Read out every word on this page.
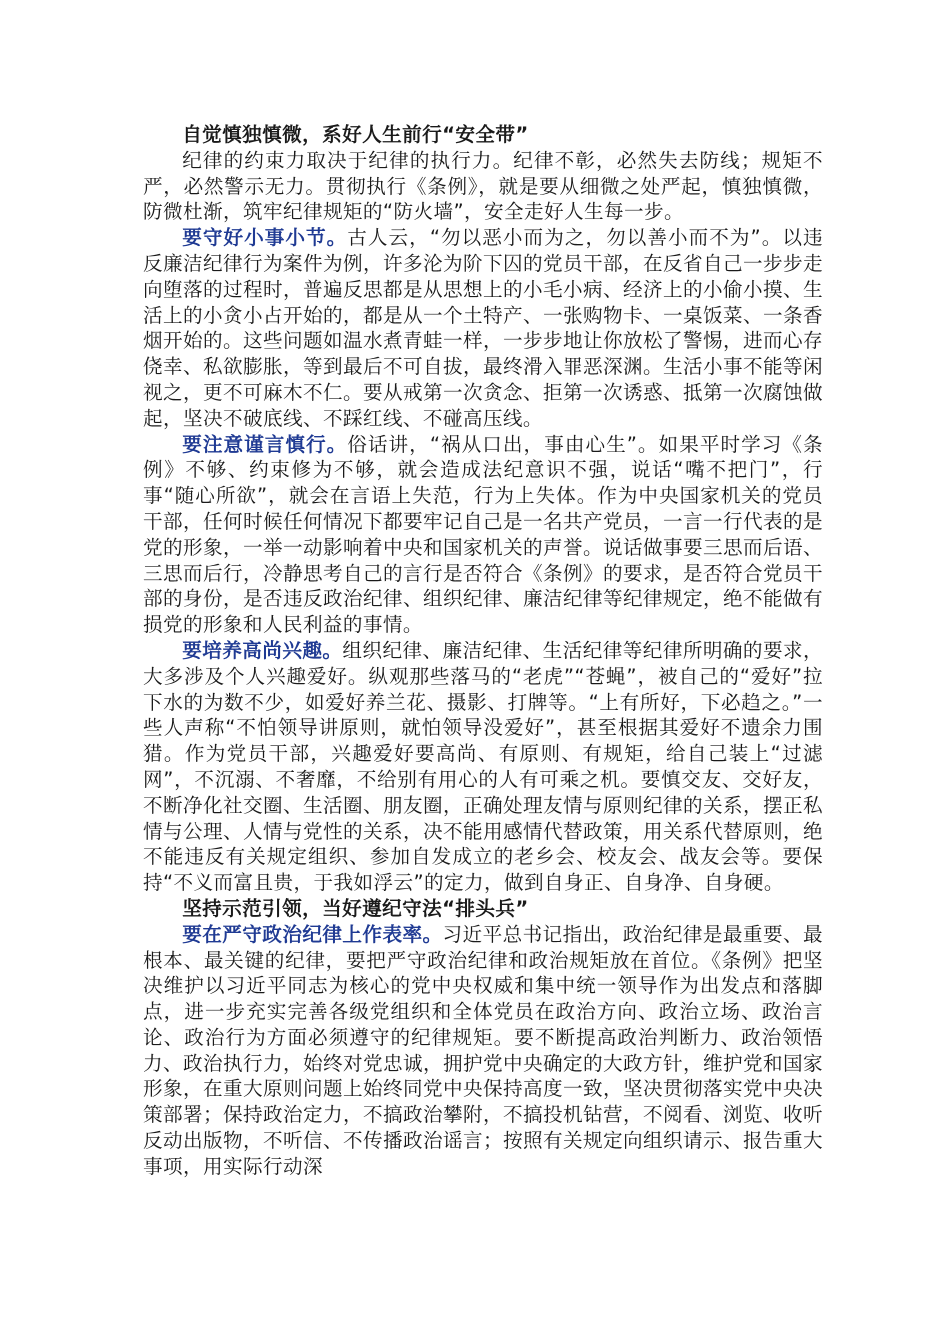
自觉慎独慎微，系好人生前行“安全带”

纪律的约束力取决于纪律的执行力。纪律不彰，必然失去防线；规矩不严，必然警示无力。贯彻执行《条例》，就是要从细微之处严起，慎独慎微，防微杜渐，筑牢纪律规矩的“防火墙”，安全走好人生每一步。

要守好小事小节。古人云，“勿以恶小而为之，勿以善小而不为”。以违反廉洁纪律行为案件为例，许多沦为阶下囚的党员干部，在反省自己一步步走向堕落的过程时，普遍反思都是从思想上的小毛小病、经济上的小偷小摸、生活上的小贪小占开始的，都是从一个土特产、一张购物卡、一桌饭菜、一条香烟开始的。这些问题如温水煮青蛙一样，一步步地让你放松了警惕，进而心存侥幸、私欲膨胀，等到最后不可自拔，最终滑入罪恶深渊。生活小事不能等闲视之，更不可麻木不仁。要从戒第一次贪念、拒第一次诱惑、抵第一次腐蚀做起，坚决不破底线、不踩红线、不碰高压线。

要注意谨言慎行。俗话讲，“祸从口出，事由心生”。如果平时学习《条例》不够、约束修为不够，就会造成法纪意识不强，说话“嘴不把门”，行事“随心所欲”，就会在言语上失范，行为上失体。作为中央国家机关的党员干部，任何时候任何情况下都要牢记自己是一名共产党员，一言一行代表的是党的形象，一举一动影响着中央和国家机关的声誉。说话做事要三思而后语、三思而后行，冷静思考自己的言行是否符合《条例》的要求，是否符合党员干部的身份，是否违反政治纪律、组织纪律、廉洁纪律等纪律规定，绝不能做有损党的形象和人民利益的事情。

要培养高尚兴趣。组织纪律、廉洁纪律、生活纪律等纪律所明确的要求，大多涉及个人兴趣爱好。纵观那些落马的“老虎”“苍蝇”，被自己的“爱好”拉下水的为数不少，如爱好养兰花、摄影、打牌等。“上有所好，下必趋之。”一些人声称“不怕领导讲原则，就怕领导没爱好”，甚至根据其爱好不遗余力围猎。作为党员干部，兴趣爱好要高尚、有原则、有规矩，给自己装上“过滤网”，不沉溺、不奢靡，不给别有用心的人有可乘之机。要慎交友、交好友，不断净化社交圈、生活圈、朋友圈，正确处理友情与原则纪律的关系，摆正私情与公理、人情与党性的关系，决不能用感情代替政策，用关系代替原则，绝不能违反有关规定组织、参加自发成立的老乡会、校友会、战友会等。要保持“不义而富且贵，于我如浮云”的定力，做到自身正、自身净、自身硬。

坚持示范引领，当好遵纪守法“排头兵”

要在严守政治纪律上作表率。习近平总书记指出，政治纪律是最重要、最根本、最关键的纪律，要把严守政治纪律和政治规矩放在首位。《条例》把坚决维护以习近平同志为核心的党中央权威和集中统一领导作为出发点和落脚点，进一步充实完善各级党组织和全体党员在政治方向、政治立场、政治言论、政治行为方面必须遵守的纪律规矩。要不断提高政治判断力、政治领悟力、政治执行力，始终对党忠诚，拥护党中央确定的大政方针，维护党和国家形象，在重大原则问题上始终同党中央保持高度一致，坚决贯彻落实党中央决策部署；保持政治定力，不搞政治攀附，不搞投机钻营，不阅看、浏览、收听反动出版物，不听信、不传播政治谣言；按照有关规定向组织请示、报告重大事项，用实际行动深
